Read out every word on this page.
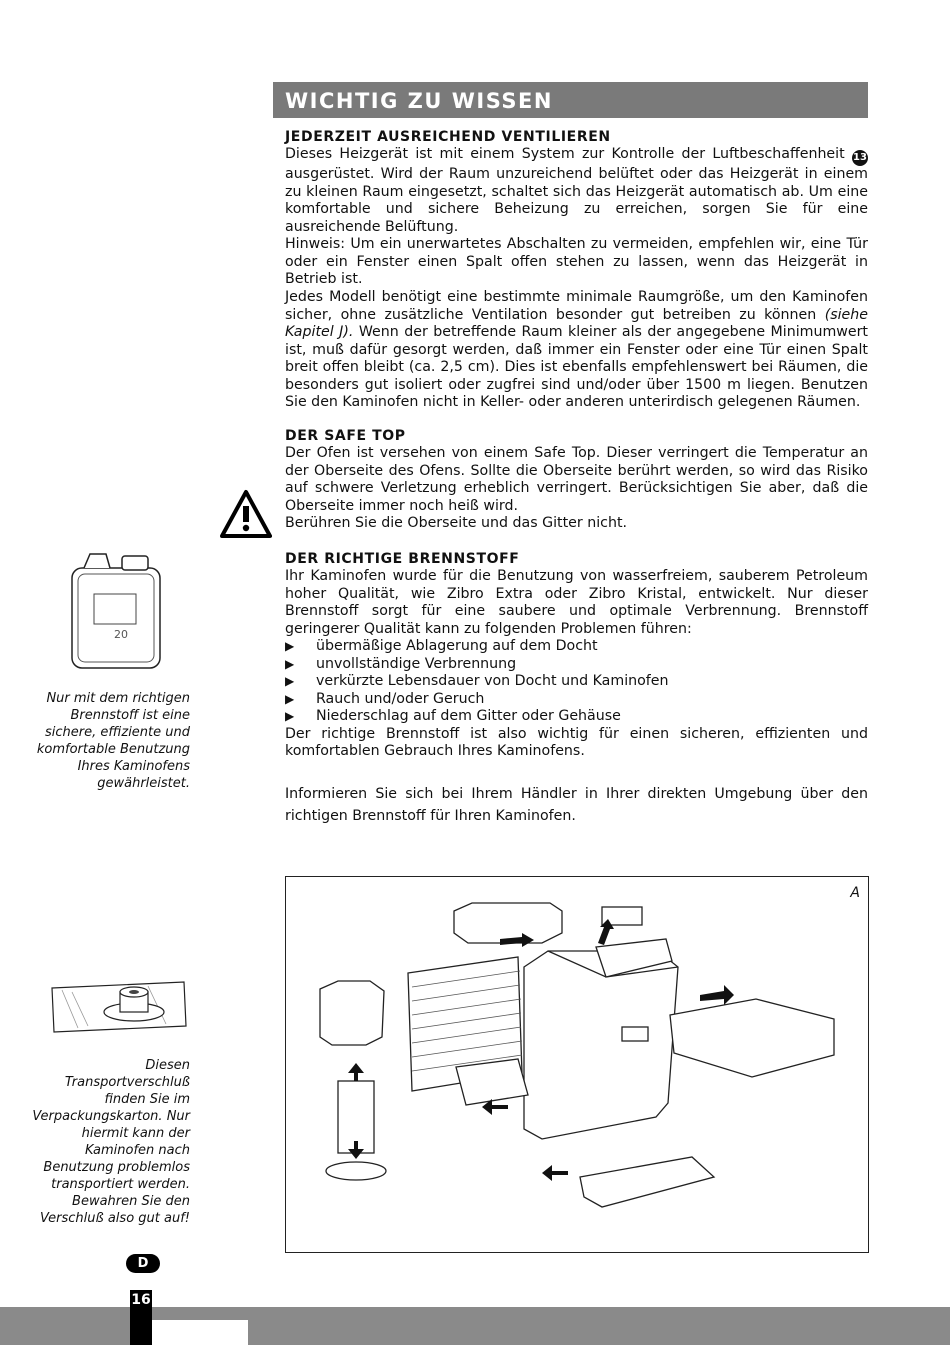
WICHTIG ZU WISSEN
JEDERZEIT AUSREICHEND VENTILIEREN

Dieses Heizgerät ist mit einem System zur Kontrolle der Luftbeschaffenheit 13 ausgerüstet. Wird der Raum unzureichend belüftet oder das Heizgerät in einem zu kleinen Raum eingesetzt, schaltet sich das Heizgerät automatisch ab. Um eine komfortable und sichere Beheizung zu erreichen, sorgen Sie für eine ausreichende Belüftung.

Hinweis: Um ein unerwartetes Abschalten zu vermeiden, empfehlen wir, eine Tür oder ein Fenster einen Spalt offen stehen zu lassen, wenn das Heizgerät in Betrieb ist.

Jedes Modell benötigt eine bestimmte minimale Raumgröße, um den Kaminofen sicher, ohne zusätzliche Ventilation besonder gut betreiben zu können (siehe Kapitel J). Wenn der betreffende Raum kleiner als der angegebene Minimumwert ist, muß dafür gesorgt werden, daß immer ein Fenster oder eine Tür einen Spalt breit offen bleibt (ca. 2,5 cm). Dies ist ebenfalls empfehlenswert bei Räumen, die besonders gut isoliert oder zugfrei sind und/oder über 1500 m liegen. Benutzen Sie den Kaminofen nicht in Keller- oder anderen unterirdisch gelegenen Räumen.

DER SAFE TOP

Der Ofen ist versehen von einem Safe Top. Dieser verringert die Temperatur an der Oberseite des Ofens. Sollte die Oberseite berührt werden, so wird das Risiko auf schwere Verletzung erheblich verringert. Berücksichtigen Sie aber, daß die Oberseite immer noch heiß wird.

Berühren Sie die Oberseite und das Gitter nicht.

DER RICHTIGE BRENNSTOFF

Ihr Kaminofen wurde für die Benutzung von wasserfreiem, sauberem Petroleum hoher Qualität, wie Zibro Extra oder Zibro Kristal, entwickelt. Nur dieser Brennstoff sorgt für eine saubere und optimale Verbrennung. Brennstoff geringerer Qualität kann zu folgenden Problemen führen:

▶ übermäßige Ablagerung auf dem Docht
▶ unvollständige Verbrennung
▶ verkürzte Lebensdauer von Docht und Kaminofen
▶ Rauch und/oder Geruch
▶ Niederschlag auf dem Gitter oder Gehäuse

Der richtige Brennstoff ist also wichtig für einen sicheren, effizienten und komfortablen Gebrauch Ihres Kaminofens.

Informieren Sie sich bei Ihrem Händler in Ihrer direkten Umgebung über den richtigen Brennstoff für Ihren Kaminofen.

20
Nur mit dem richtigen Brennstoff ist eine sichere, effiziente und komfortable Benutzung Ihres Kaminofens gewährleistet.
Diesen Transportverschluß finden Sie im Verpackungskarton. Nur hiermit kann der Kaminofen nach Benutzung problemlos transportiert werden. Bewahren Sie den Verschluß also gut auf!
A
D
16
